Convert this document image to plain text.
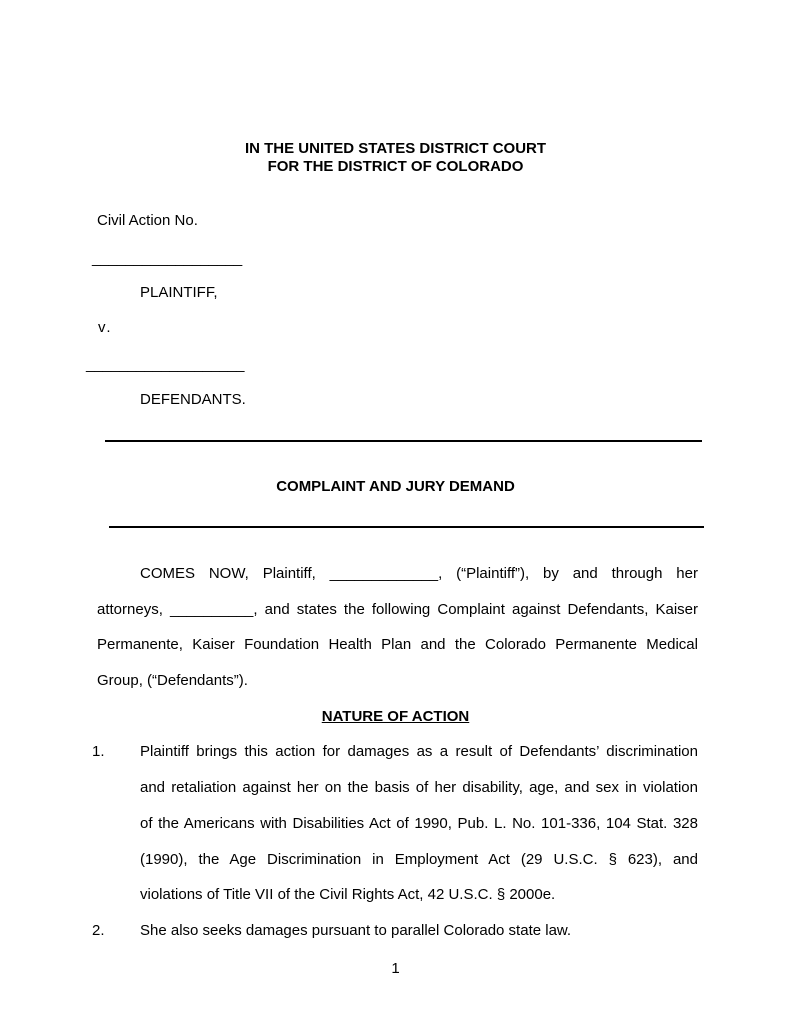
IN THE UNITED STATES DISTRICT COURT
FOR THE DISTRICT OF COLORADO
Civil Action No.
__________________
PLAINTIFF,
v.
___________________
DEFENDANTS.
COMPLAINT AND JURY DEMAND
COMES NOW, Plaintiff, _____________, (“Plaintiff”), by and through her
attorneys, __________, and states the following Complaint against Defendants, Kaiser
Permanente, Kaiser Foundation Health Plan and the Colorado Permanente Medical
Group, (“Defendants”).
NATURE OF ACTION
1. Plaintiff brings this action for damages as a result of Defendants’ discrimination
and retaliation against her on the basis of her disability, age, and sex in violation
of the Americans with Disabilities Act of 1990, Pub. L. No. 101-336, 104 Stat. 328
(1990), the Age Discrimination in Employment Act (29 U.S.C. § 623), and
violations of Title VII of the Civil Rights Act, 42 U.S.C. § 2000e.
2. She also seeks damages pursuant to parallel Colorado state law.
1
